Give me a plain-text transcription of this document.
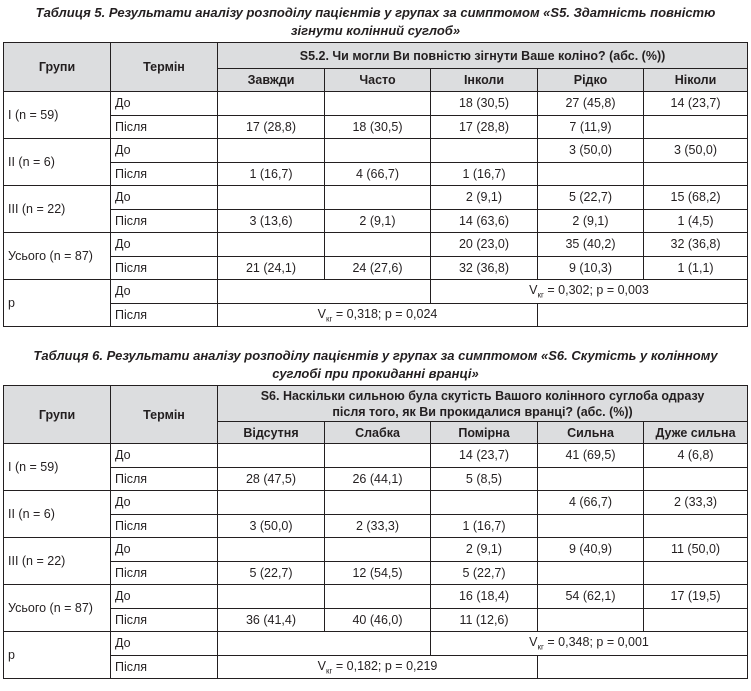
Таблиця 5. Результати аналізу розподілу пацієнтів у групах за симптомом «S5. Здатність повністю
зігнути колінний суглоб»
Групи	Термін	S5.2. Чи могли Ви повністю зігнути Ваше коліно? (абс. (%))				
		Завжди	Часто	Інколи	Рідко	Ніколи
I (n = 59)	До			18 (30,5)	27 (45,8)	14 (23,7)
	Після	17 (28,8)	18 (30,5)	17 (28,8)	7 (11,9)	
II (n = 6)	До				3 (50,0)	3 (50,0)
	Після	1 (16,7)	4 (66,7)	1 (16,7)		
III (n = 22)	До			2 (9,1)	5 (22,7)	15 (68,2)
	Після	3 (13,6)	2 (9,1)	14 (63,6)	2 (9,1)	1 (4,5)
Усього (n = 87)	До			20 (23,0)	35 (40,2)	32 (36,8)
	Після	21 (24,1)	24 (27,6)	32 (36,8)	9 (10,3)	1 (1,1)
р	До			$V_{кг} = 0,302$; p = 0,003		
	Після	$V_{кг} = 0,318$; p = 0,024				
Таблиця 6. Результати аналізу розподілу пацієнтів у групах за симптомом «S6. Скутість у колінному
суглобі при прокиданні вранці»
Групи	Термін	S6. Наскільки сильною була скутість Вашого колінного суглоба одразу
після того, як Ви прокидалися вранці? (абс. (%))				

		Відсутня	Слабка	Помірна	Сильна	Дуже сильна
I (n = 59)	До			14 (23,7)	41 (69,5)	4 (6,8)
	Після	28 (47,5)	26 (44,1)	5 (8,5)		
II (n = 6)	До				4 (66,7)	2 (33,3)
	Після	3 (50,0)	2 (33,3)	1 (16,7)		
III (n = 22)	До			2 (9,1)	9 (40,9)	11 (50,0)
	Після	5 (22,7)	12 (54,5)	5 (22,7)		
Усього (n = 87)	До			16 (18,4)	54 (62,1)	17 (19,5)
	Після	36 (41,4)	40 (46,0)	11 (12,6)		
р	До			$V_{кг} = 0,348$; p = 0,001		
	Після	$V_{кг} = 0,182$; p = 0,219				
